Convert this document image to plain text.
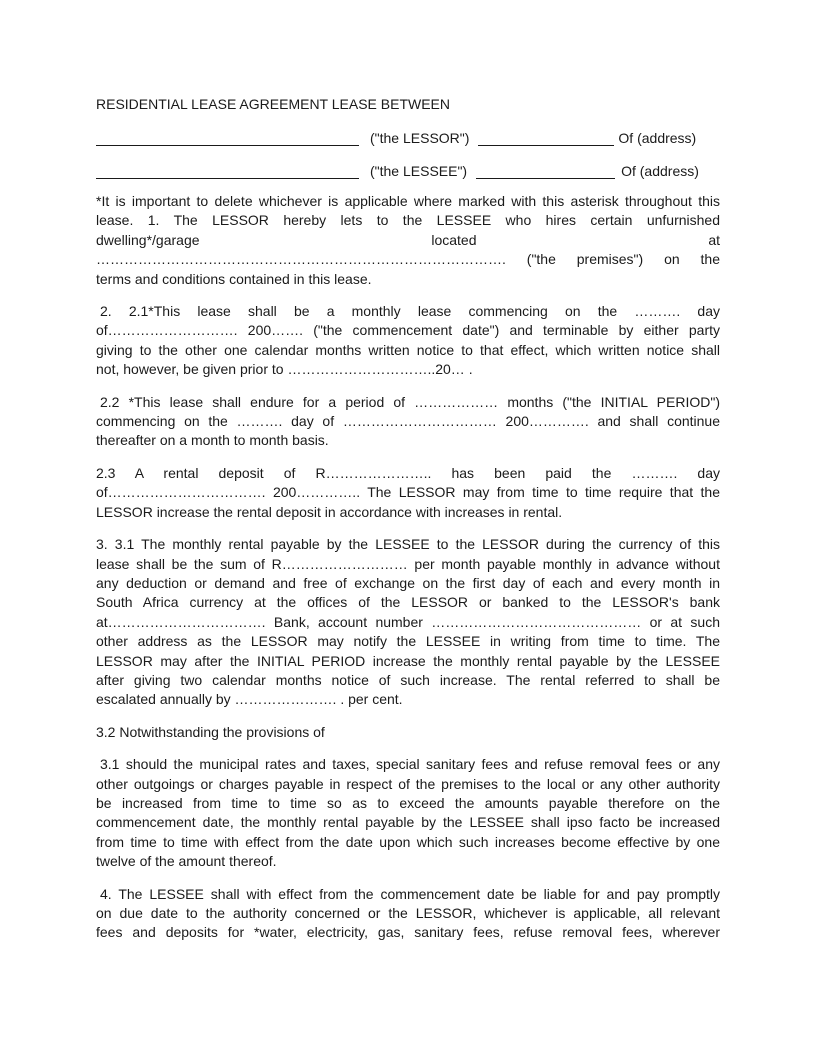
RESIDENTIAL LEASE AGREEMENT LEASE BETWEEN
("the LESSOR")	Of (address)
("the LESSEE")	Of (address)
*It is important to delete whichever is applicable where marked with this asterisk throughout this
lease. 1. The LESSOR hereby lets to the LESSEE who hires certain unfurnished
dwelling*/garage located at
……………………………………………………………………………. ("the premises") on the
terms and conditions contained in this lease.
2. 2.1*This lease shall be a monthly lease commencing on the ………. day
of………………………. 200……. ("the commencement date") and terminable by either party
giving to the other one calendar months written notice to that effect, which written notice shall
not, however, be given prior to …………………………..20… .
2.2 *This lease shall endure for a period of ……………… months ("the INITIAL PERIOD")
commencing on the ………. day of …………………………… 200…………. and shall continue
thereafter on a month to month basis.
2.3 A rental deposit of R………………….. has been paid the ………. day
of……………………………. 200………….. The LESSOR may from time to time require that the
LESSOR increase the rental deposit in accordance with increases in rental.
3. 3.1 The monthly rental payable by the LESSEE to the LESSOR during the currency of this
lease shall be the sum of R……………………… per month payable monthly in advance without
any deduction or demand and free of exchange on the first day of each and every month in
South Africa currency at the offices of the LESSOR or banked to the LESSOR's bank
at……………………………. Bank, account number ……………………………………… or at such
other address as the LESSOR may notify the LESSEE in writing from time to time. The
LESSOR may after the INITIAL PERIOD increase the monthly rental payable by the LESSEE
after giving two calendar months notice of such increase. The rental referred to shall be
escalated annually by …………………. . per cent.
3.2 Notwithstanding the provisions of
3.1 should the municipal rates and taxes, special sanitary fees and refuse removal fees or any
other outgoings or charges payable in respect of the premises to the local or any other authority
be increased from time to time so as to exceed the amounts payable therefore on the
commencement date, the monthly rental payable by the LESSEE shall ipso facto be increased
from time to time with effect from the date upon which such increases become effective by one
twelve of the amount thereof.
4. The LESSEE shall with effect from the commencement date be liable for and pay promptly
on due date to the authority concerned or the LESSOR, whichever is applicable, all relevant
fees and deposits for *water, electricity, gas, sanitary fees, refuse removal fees, wherever
